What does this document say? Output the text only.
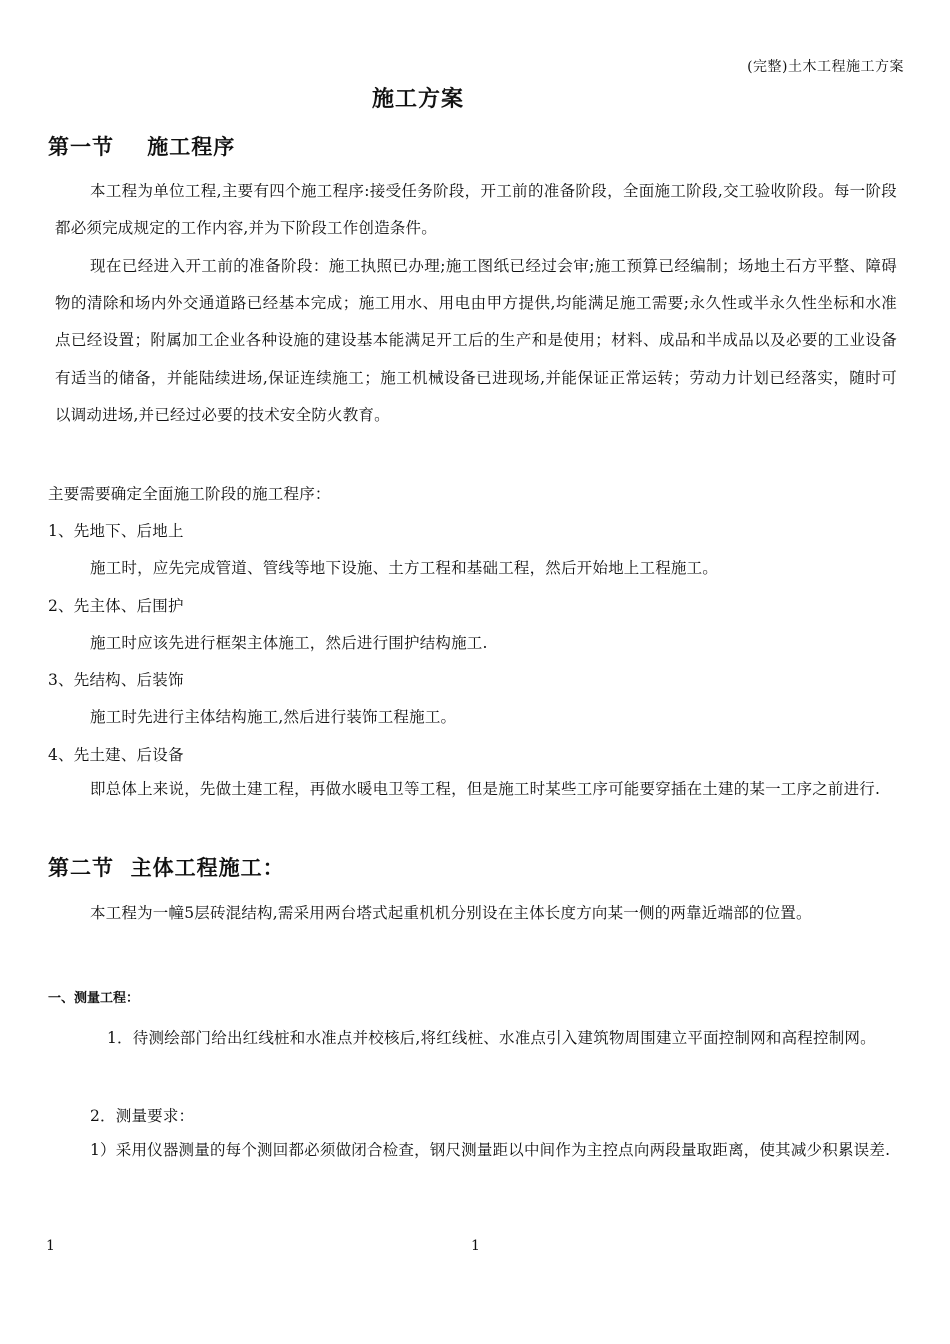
(完整)土木工程施工方案
施工方案
第一节    施工程序

本工程为单位工程,主要有四个施工程序:接受任务阶段，开工前的准备阶段，全面施工阶段,交工验收阶段。每一阶段都必须完成规定的工作内容,并为下阶段工作创造条件。

现在已经进入开工前的准备阶段：施工执照已办理;施工图纸已经过会审;施工预算已经编制；场地土石方平整、障碍物的清除和场内外交通道路已经基本完成；施工用水、用电由甲方提供,均能满足施工需要;永久性或半永久性坐标和水准点已经设置；附属加工企业各种设施的建设基本能满足开工后的生产和是使用；材料、成品和半成品以及必要的工业设备有适当的储备，并能陆续进场,保证连续施工；施工机械设备已进现场,并能保证正常运转；劳动力计划已经落实，随时可以调动进场,并已经过必要的技术安全防火教育。

主要需要确定全面施工阶段的施工程序：
1、先地下、后地上
施工时，应先完成管道、管线等地下设施、土方工程和基础工程，然后开始地上工程施工。
2、先主体、后围护
施工时应该先进行框架主体施工，然后进行围护结构施工.
3、先结构、后装饰
施工时先进行主体结构施工,然后进行装饰工程施工。
4、先土建、后设备

即总体上来说，先做土建工程，再做水暖电卫等工程，但是施工时某些工序可能要穿插在土建的某一工序之前进行.

第二节  主体工程施工：

本工程为一幢5层砖混结构,需采用两台塔式起重机机分别设在主体长度方向某一侧的两靠近端部的位置。

一、测量工程：

1．待测绘部门给出红线桩和水准点并校核后,将红线桩、水准点引入建筑物周围建立平面控制网和高程控制网。

2．测量要求：

1）采用仪器测量的每个测回都必须做闭合检查，钢尺测量距以中间作为主控点向两段量取距离，使其减少积累误差.

1	1
